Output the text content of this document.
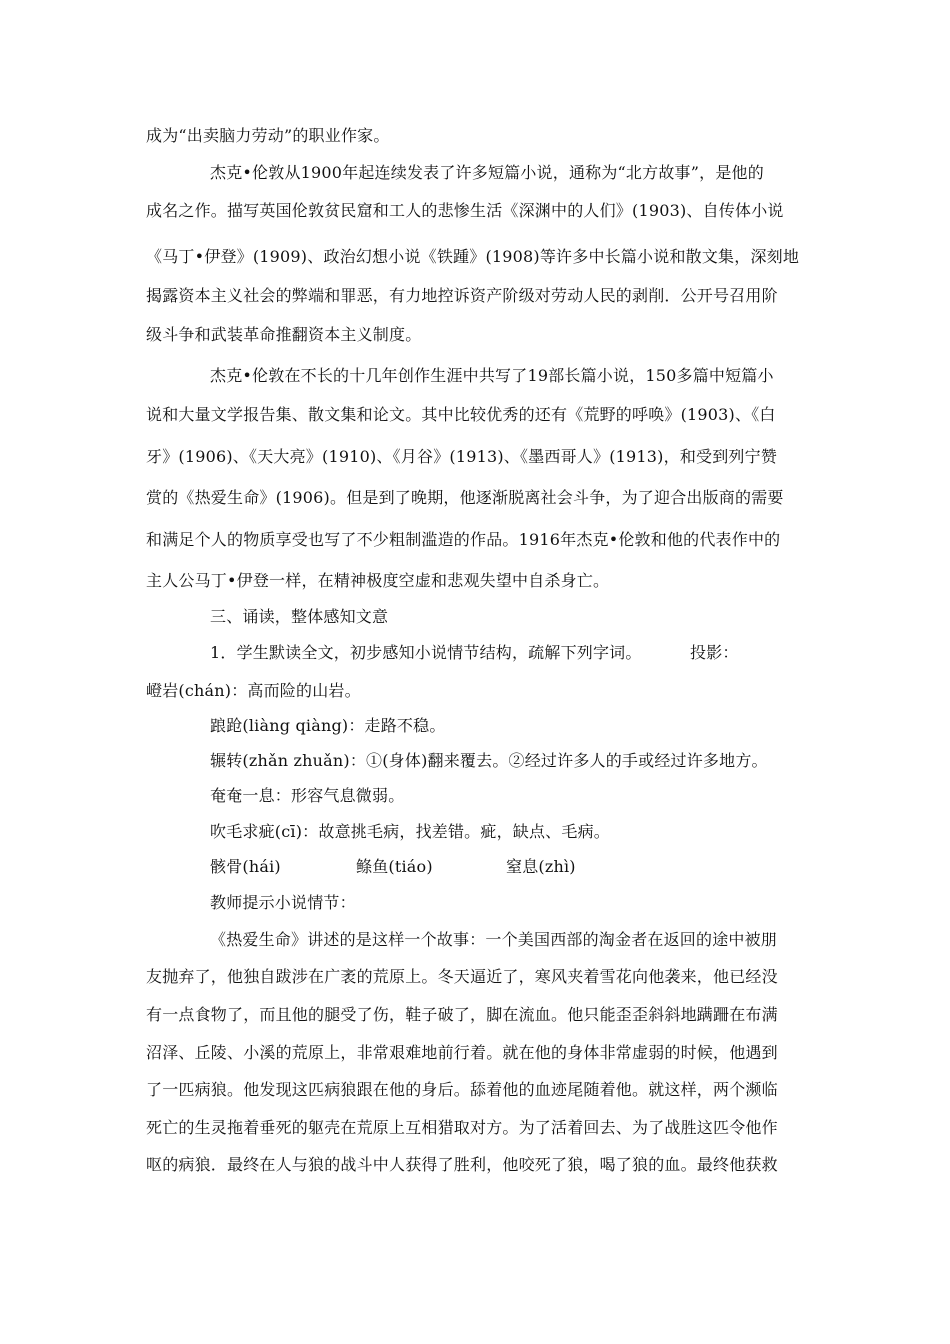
成为“出卖脑力劳动”的职业作家。
杰克•伦敦从1900年起连续发表了许多短篇小说，通称为“北方故事”，是他的
成名之作。描写英国伦敦贫民窟和工人的悲惨生活《深渊中的人们》(1903)、自传体小说
《马丁•伊登》(1909)、政治幻想小说《铁踵》(1908)等许多中长篇小说和散文集，深刻地
揭露资本主义社会的弊端和罪恶，有力地控诉资产阶级对劳动人民的剥削．公开号召用阶
级斗争和武装革命推翻资本主义制度。
杰克•伦敦在不长的十几年创作生涯中共写了19部长篇小说，150多篇中短篇小
说和大量文学报告集、散文集和论文。其中比较优秀的还有《荒野的呼唤》(1903)、《白
牙》(1906)、《天大亮》(1910)、《月谷》(1913)、《墨西哥人》(1913)，和受到列宁赞
赏的《热爱生命》(1906)。但是到了晚期，他逐渐脱离社会斗争，为了迎合出版商的需要
和满足个人的物质享受也写了不少粗制滥造的作品。1916年杰克•伦敦和他的代表作中的
主人公马丁•伊登一样，在精神极度空虚和悲观失望中自杀身亡。
三、诵读，整体感知文意
1．学生默读全文，初步感知小说情节结构，疏解下列字词。	投影：
嶝岩(chán)：高而险的山岩。
踉跄(liàng qiàng)：走路不稳。
辗转(zhǎn zhuǎn)：①(身体)翻来覆去。②经过许多人的手或经过许多地方。
奄奄一息：形容气息微弱。
吹毛求疵(cī)：故意挑毛病，找差错。疵，缺点、毛病。
骸骨(hái)	鲦鱼(tiáo)	窒息(zhì)
教师提示小说情节：
《热爱生命》讲述的是这样一个故事：一个美国西部的淘金者在返回的途中被朋
友抛弃了，他独自跋涉在广袤的荒原上。冬天逼近了，寒风夹着雪花向他袭来，他已经没
有一点食物了，而且他的腿受了伤，鞋子破了，脚在流血。他只能歪歪斜斜地蹒跚在布满
沼泽、丘陵、小溪的荒原上，非常艰难地前行着。就在他的身体非常虚弱的时候，他遇到
了一匹病狼。他发现这匹病狼跟在他的身后。舔着他的血迹尾随着他。就这样，两个濒临
死亡的生灵拖着垂死的躯壳在荒原上互相猎取对方。为了活着回去、为了战胜这匹令他作
呕的病狼．最终在人与狼的战斗中人获得了胜利，他咬死了狼，喝了狼的血。最终他获救
